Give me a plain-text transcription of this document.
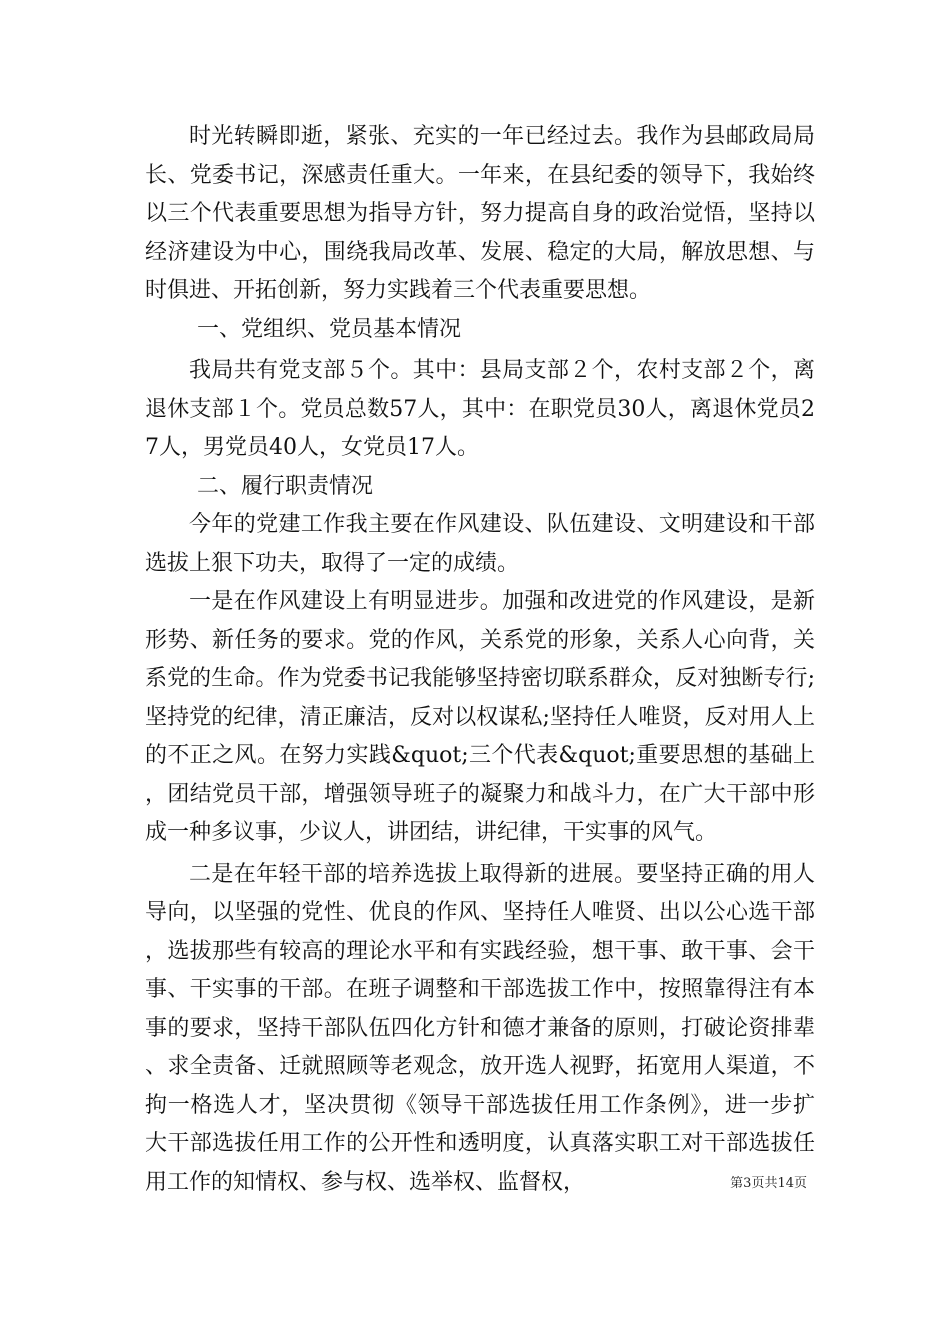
时光转瞬即逝，紧张、充实的一年已经过去。我作为县邮政局局长、党委书记，深感责任重大。一年来，在县纪委的领导下，我始终以三个代表重要思想为指导方针，努力提高自身的政治觉悟，坚持以经济建设为中心，围绕我局改革、发展、稳定的大局，解放思想、与时俱进、开拓创新，努力实践着三个代表重要思想。

一、党组织、党员基本情况

我局共有党支部５个。其中：县局支部２个，农村支部２个，离退休支部１个。党员总数57人，其中：在职党员30人，离退休党员27人，男党员40人，女党员17人。

二、履行职责情况

今年的党建工作我主要在作风建设、队伍建设、文明建设和干部选拔上狠下功夫，取得了一定的成绩。

一是在作风建设上有明显进步。加强和改进党的作风建设，是新形势、新任务的要求。党的作风，关系党的形象，关系人心向背，关系党的生命。作为党委书记我能够坚持密切联系群众，反对独断专行;坚持党的纪律，清正廉洁，反对以权谋私;坚持任人唯贤，反对用人上的不正之风。在努力实践&quot;三个代表&quot;重要思想的基础上，团结党员干部，增强领导班子的凝聚力和战斗力，在广大干部中形成一种多议事，少议人，讲团结，讲纪律，干实事的风气。

二是在年轻干部的培养选拔上取得新的进展。要坚持正确的用人导向，以坚强的党性、优良的作风、坚持任人唯贤、出以公心选干部，选拔那些有较高的理论水平和有实践经验，想干事、敢干事、会干事、干实事的干部。在班子调整和干部选拔工作中，按照靠得注有本事的要求，坚持干部队伍四化方针和德才兼备的原则，打破论资排辈、求全责备、迁就照顾等老观念，放开选人视野，拓宽用人渠道，不拘一格选人才，坚决贯彻《领导干部选拔任用工作条例》，进一步扩大干部选拔任用工作的公开性和透明度，认真落实职工对干部选拔任用工作的知情权、参与权、选举权、监督权，	第3页共14页
